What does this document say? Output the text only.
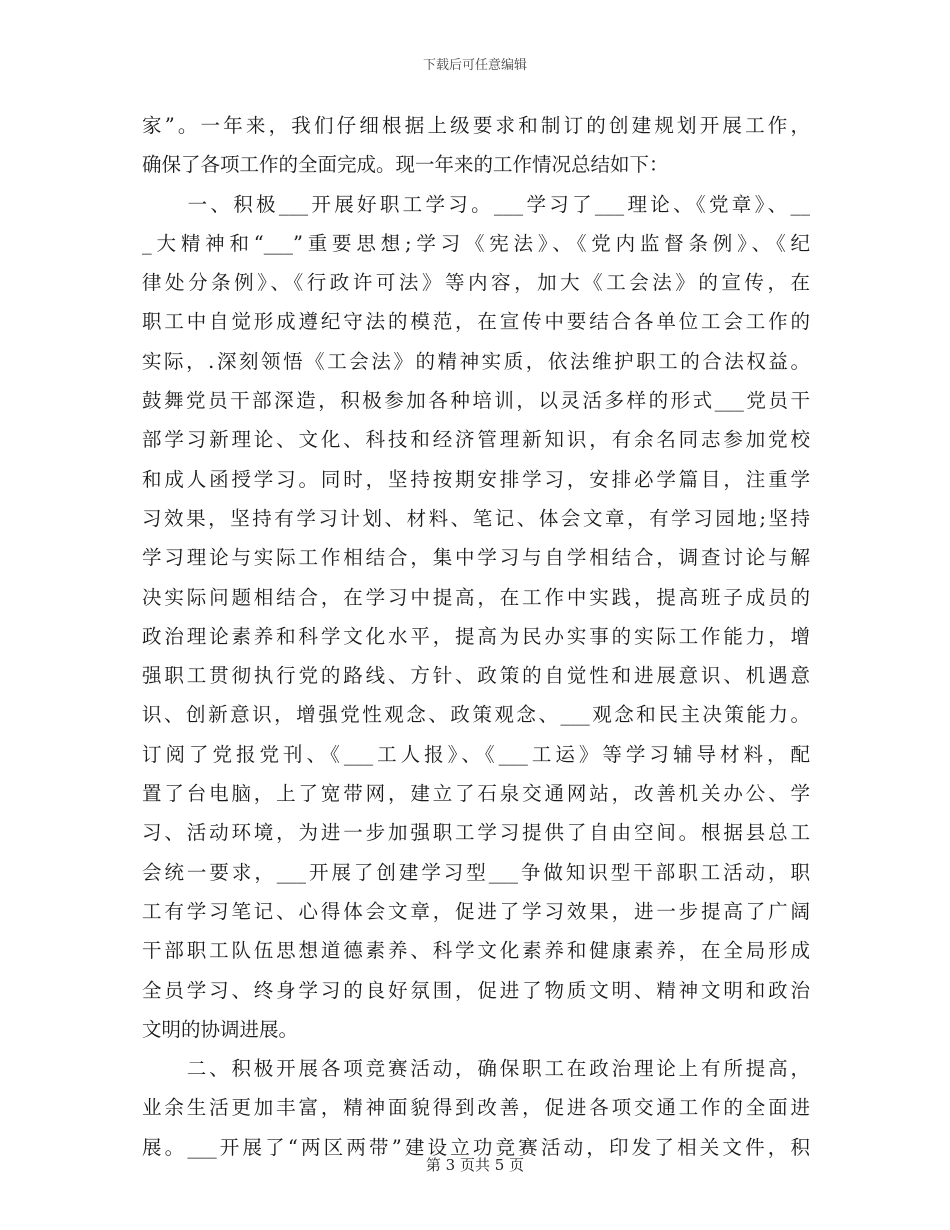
下载后可任意编辑
家”。一年来，我们仔细根据上级要求和制订的创建规划开展工作，
确保了各项工作的全面完成。现一年来的工作情况总结如下：
　　一、积极___开展好职工学习。___学习了___理论、《党章》、__
_大精神和“___”重要思想;学习《宪法》、《党内监督条例》、《纪
律处分条例》、《行政许可法》等内容，加大《工会法》的宣传，在
职工中自觉形成遵纪守法的模范，在宣传中要结合各单位工会工作的
实际，.深刻领悟《工会法》的精神实质，依法维护职工的合法权益。
鼓舞党员干部深造，积极参加各种培训，以灵活多样的形式___党员干
部学习新理论、文化、科技和经济管理新知识，有余名同志参加党校
和成人函授学习。同时，坚持按期安排学习，安排必学篇目，注重学
习效果，坚持有学习计划、材料、笔记、体会文章，有学习园地;坚持
学习理论与实际工作相结合，集中学习与自学相结合，调查讨论与解
决实际问题相结合，在学习中提高，在工作中实践，提高班子成员的
政治理论素养和科学文化水平，提高为民办实事的实际工作能力，增
强职工贯彻执行党的路线、方针、政策的自觉性和进展意识、机遇意
识、创新意识，增强党性观念、政策观念、___观念和民主决策能力。
订阅了党报党刊、《___工人报》、《___工运》等学习辅导材料，配
置了台电脑，上了宽带网，建立了石泉交通网站，改善机关办公、学
习、活动环境，为进一步加强职工学习提供了自由空间。根据县总工
会统一要求，___开展了创建学习型___争做知识型干部职工活动，职
工有学习笔记、心得体会文章，促进了学习效果，进一步提高了广阔
干部职工队伍思想道德素养、科学文化素养和健康素养，在全局形成
全员学习、终身学习的良好氛围，促进了物质文明、精神文明和政治
文明的协调进展。
　　二、积极开展各项竞赛活动，确保职工在政治理论上有所提高，
业余生活更加丰富，精神面貌得到改善，促进各项交通工作的全面进
展。___开展了“两区两带”建设立功竞赛活动，印发了相关文件，积
第 3 页共 5 页
